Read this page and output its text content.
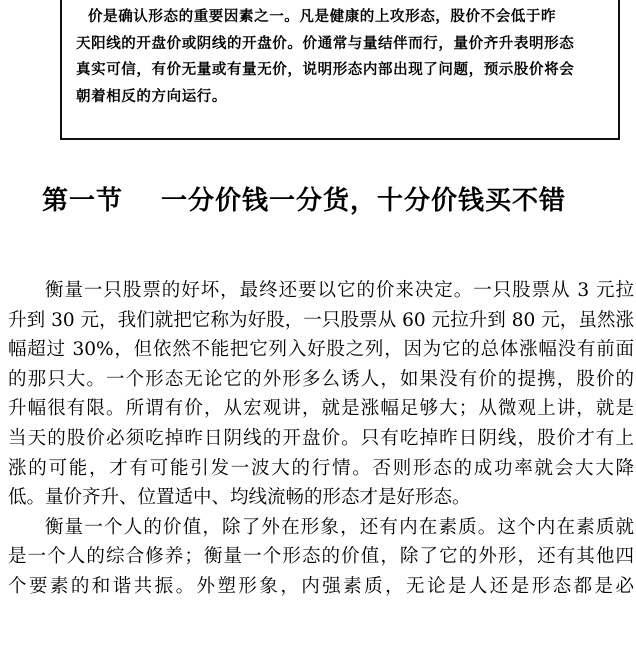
价是确认形态的重要因素之一。凡是健康的上攻形态，股价不会低于昨
天阳线的开盘价或阴线的开盘价。价通常与量结伴而行，量价齐升表明形态
真实可信，有价无量或有量无价，说明形态内部出现了问题，预示股价将会
朝着相反的方向运行。

第一节 一分价钱一分货，十分价钱买不错
衡量一只股票的好坏，最终还要以它的价来决定。一只股票从 3 元拉
升到 30 元，我们就把它称为好股，一只股票从 60 元拉升到 80 元，虽然涨
幅超过 30%，但依然不能把它列入好股之列，因为它的总体涨幅没有前面
的那只大。一个形态无论它的外形多么诱人，如果没有价的提携，股价的
升幅很有限。所谓有价，从宏观讲，就是涨幅足够大；从微观上讲，就是
当天的股价必须吃掉昨日阴线的开盘价。只有吃掉昨日阴线，股价才有上
涨的可能，才有可能引发一波大的行情。否则形态的成功率就会大大降
低。量价齐升、位置适中、均线流畅的形态才是好形态。
衡量一个人的价值，除了外在形象，还有内在素质。这个内在素质就
是一个人的综合修养；衡量一个形态的价值，除了它的外形，还有其他四
个要素的和谐共振。外塑形象，内强素质，无论是人还是形态都是必
